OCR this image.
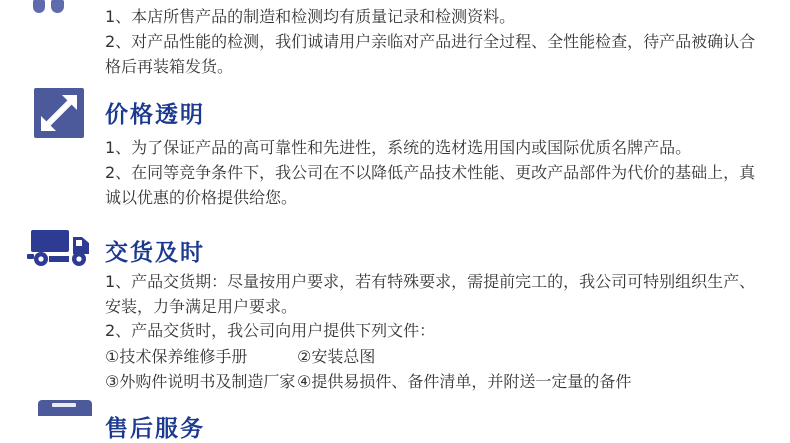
1、本店所售产品的制造和检测均有质量记录和检测资料。
2、对产品性能的检测，我们诚请用户亲临对产品进行全过程、全性能检查，待产品被确认合
格后再装箱发货。
价格透明
1、为了保证产品的高可靠性和先进性，系统的选材选用国内或国际优质名牌产品。
2、在同等竞争条件下，我公司在不以降低产品技术性能、更改产品部件为代价的基础上，真
诚以优惠的价格提供给您。
交货及时
1、产品交货期：尽量按用户要求，若有特殊要求，需提前完工的，我公司可特别组织生产、
安装，力争满足用户要求。
2、产品交货时，我公司向用户提供下列文件：
①技术保养维修手册	②安装总图
③外购件说明书及制造厂家 ④提供易损件、备件清单，并附送一定量的备件
售后服务
